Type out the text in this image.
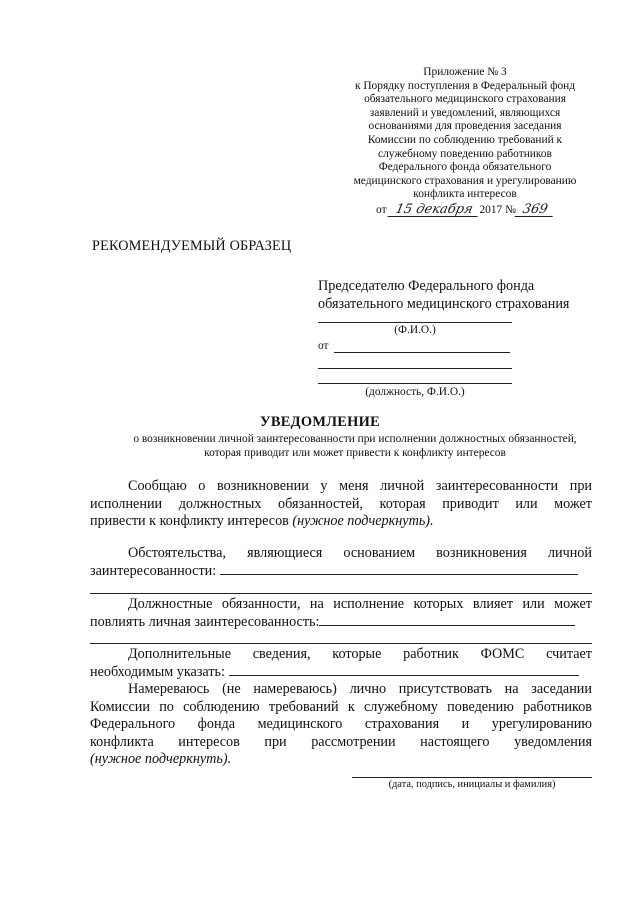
Приложение № 3
к Порядку поступления в Федеральный фонд
обязательного медицинского страхования
заявлений и уведомлений, являющихся
основаниями для проведения заседания
Комиссии по соблюдению требований к
служебному поведению работников
Федерального фонда обязательного
медицинского страхования и урегулированию
конфликта интересов
от 15 декабря 2017 № 369
РЕКОМЕНДУЕМЫЙ ОБРАЗЕЦ
Председателю Федерального фонда
обязательного медицинского страхования
(Ф.И.О.)
от
(должность, Ф.И.О.)
УВЕДОМЛЕНИЕ
о возникновении личной заинтересованности при исполнении должностных обязанностей,
которая приводит или может привести к конфликту интересов
Сообщаю о возникновении у меня личной заинтересованности при
исполнении должностных обязанностей, которая приводит или может
привести к конфликту интересов (нужное подчеркнуть).
Обстоятельства, являющиеся основанием возникновения личной
заинтересованности:
Должностные обязанности, на исполнение которых влияет или может
повлиять личная заинтересованность:
Дополнительные сведения, которые работник ФОМС считает
необходимым указать:
Намереваюсь (не намереваюсь) лично присутствовать на заседании
Комиссии по соблюдению требований к служебному поведению работников
Федерального фонда медицинского страхования и урегулированию
конфликта интересов при рассмотрении настоящего уведомления
(нужное подчеркнуть).
(дата, подпись, инициалы и фамилия)
